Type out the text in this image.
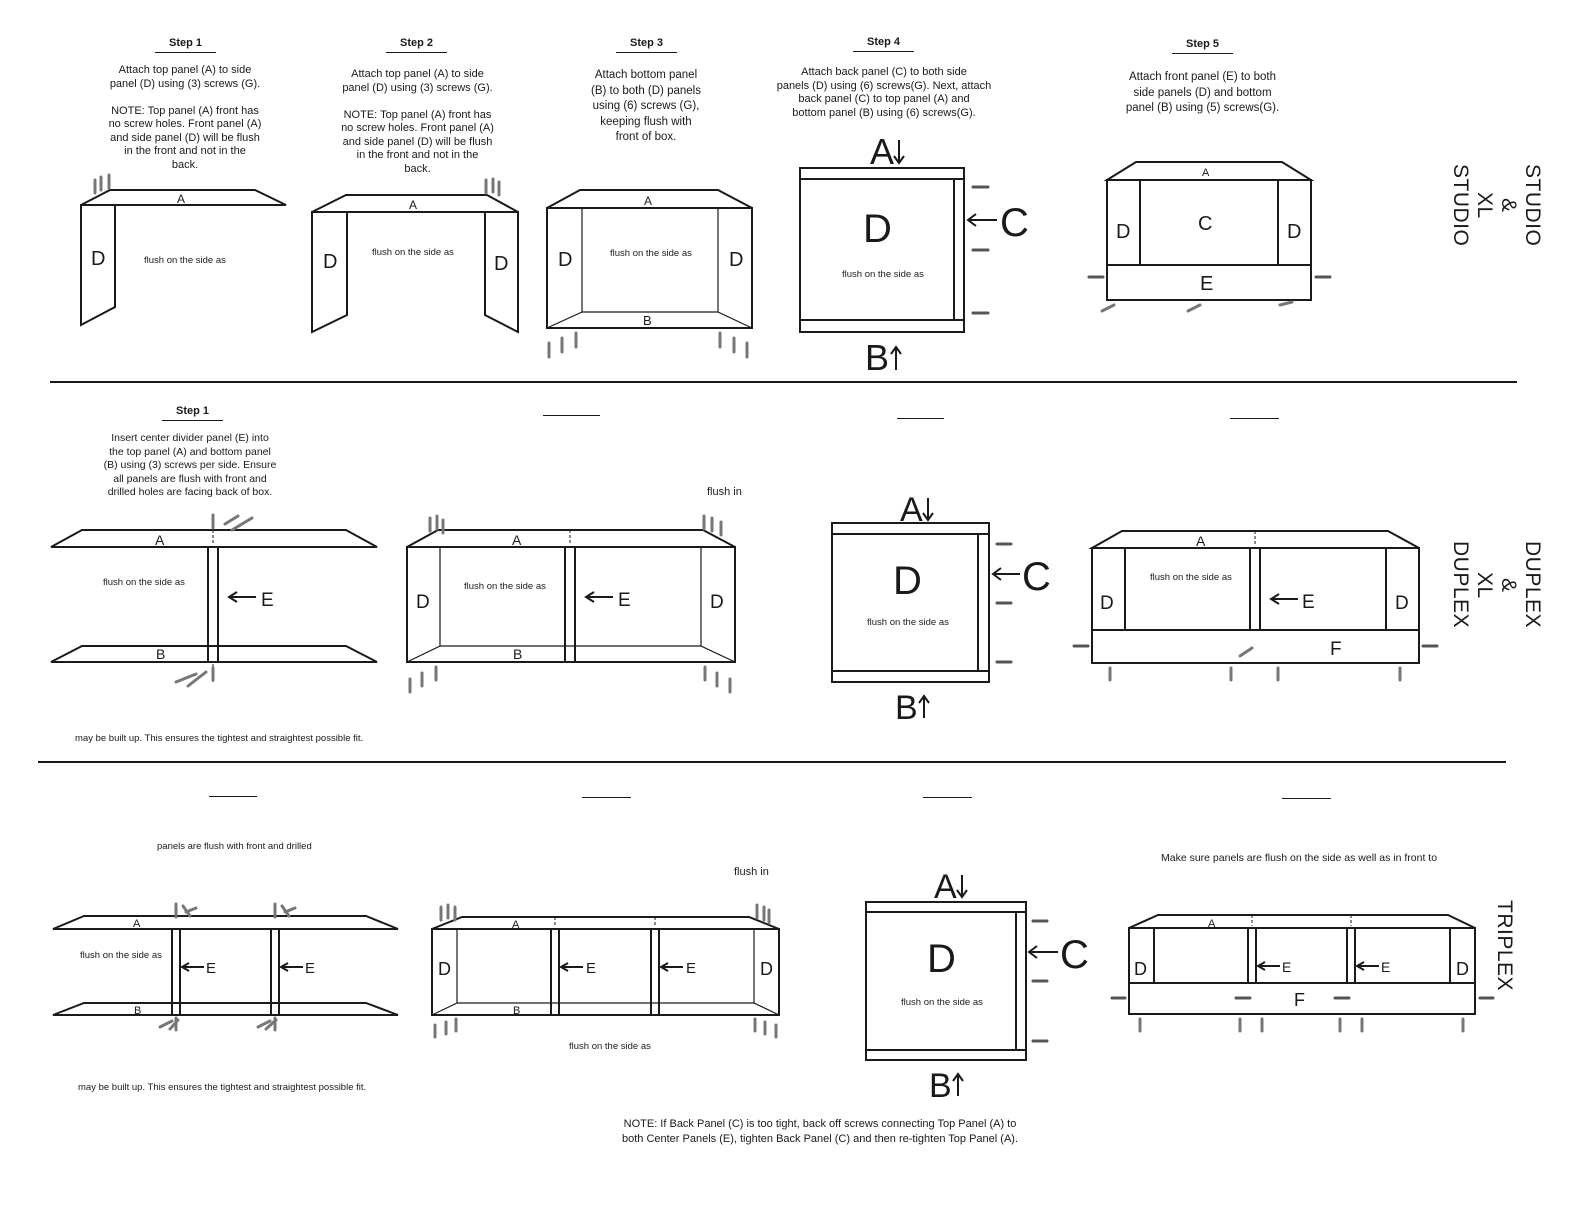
Step 1
Attach top panel (A) to side
panel (D) using (3) screws (G).

NOTE: Top panel (A) front has
no screw holes. Front panel (A)
and side panel (D) will be flush
in the front and not in the
back.
Step 2
Attach top panel (A) to side
panel (D) using (3) screws (G).

NOTE: Top panel (A) front has
no screw holes. Front panel (A)
and side panel (D) will be flush
in the front and not in the
back.
Step 3
Attach bottom panel
(B) to both (D) panels
using (6) screws (G),
keeping flush with
front of box.
Step 4
Attach back panel (C) to both side
panels (D) using (6) screws(G). Next, attach
back panel (C) to top panel (A) and
bottom panel (B) using (6) screws(G).
Step 5
Attach front panel (E) to both
side panels (D) and bottom
panel (B) using (5) screws(G).
STUDIO
&
XL STUDIO
Step 1
Insert center divider panel (E) into
the top panel (A) and bottom panel
(B) using (3) screws per side. Ensure
all panels are flush with front and
drilled holes are facing back of box.	flush in
may be built up. This ensures the tightest and straightest possible fit.
DUPLEX
&
XL DUPLEX
panels are flush with front and drilled
flush in
Make sure panels are flush on the side as well as in front to
may be built up. This ensures the tightest and straightest possible fit.
NOTE: If Back Panel (C) is too tight, back off screws connecting Top Panel (A) to
both Center Panels (E), tighten Back Panel (C) and then re-tighten Top Panel (A).
TRIPLEX
A
D	flush on the side as
A
D	D
flush on the side as
A
B
D	D
flush on the side as
C
A
B
D
flush on the side as
A
C
D	D
E
E
A
B
flush on the side as
E
A
B
D	D
flush on the side as	C
A
B
D
flush on the side as
E
A
F
D	D
flush on the side as
E	E
A
B
flush on the side as
E	E
A
B
D	D
flush on the side as
C
A
B
D
flush on the side as
E	E
A
F
D	D
